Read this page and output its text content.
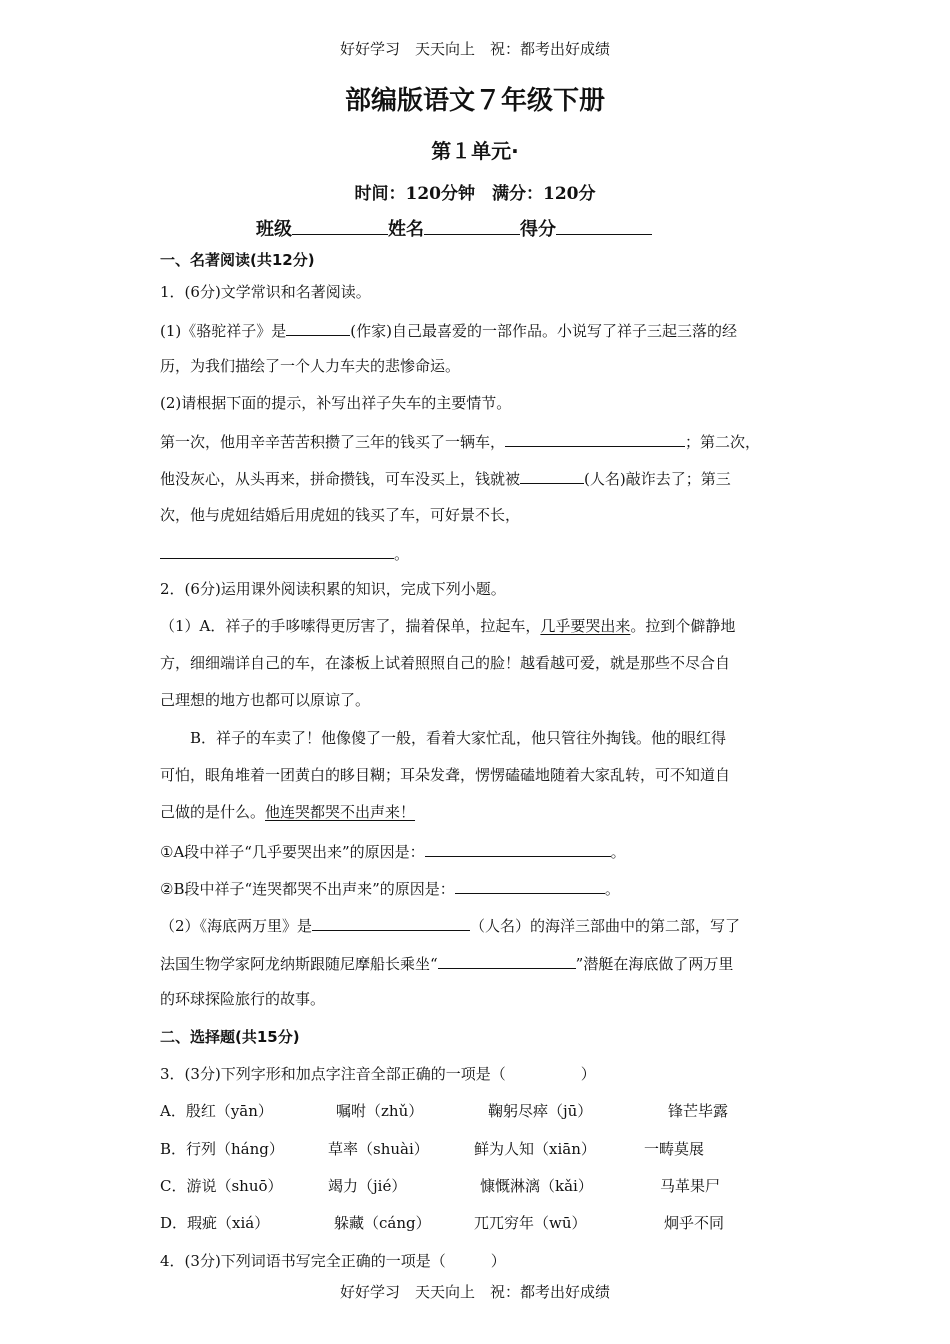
好好学习　天天向上　祝：都考出好成绩
部编版语文７年级下册
第１单元·
时间：120分钟　满分：120分
班级	姓名	得分
一、名著阅读(共12分)
1．(6分)文学常识和名著阅读。
(1)《骆驼祥子》是	(作家)自己最喜爱的一部作品。小说写了祥子三起三落的经
历，为我们描绘了一个人力车夫的悲惨命运。
(2)请根据下面的提示，补写出祥子失车的主要情节。
第一次，他用辛辛苦苦积攒了三年的钱买了一辆车，	；第二次，
他没灰心，从头再来，拼命攒钱，可车没买上，钱就被	(人名)敲诈去了；第三
次，他与虎妞结婚后用虎妞的钱买了车，可好景不长，
。
2．(6分)运用课外阅读积累的知识，完成下列小题。
（1）A．祥子的手哆嗦得更厉害了，揣着保单，拉起车，几乎要哭出来。拉到个僻静地
方，细细端详自己的车，在漆板上试着照照自己的脸！越看越可爱，就是那些不尽合自
己理想的地方也都可以原谅了。
B．祥子的车卖了！他像傻了一般，看着大家忙乱，他只管往外掏钱。他的眼红得
可怕，眼角堆着一团黄白的眵目糊；耳朵发聋，愣愣磕磕地随着大家乱转，可不知道自
己做的是什么。他连哭都哭不出声来！
①A段中祥子“几乎要哭出来”的原因是：	。
②B段中祥子“连哭都哭不出声来”的原因是：	。
（2）《海底两万里》是	（人名）的海洋三部曲中的第二部，写了
法国生物学家阿龙纳斯跟随尼摩船长乘坐“	”潜艇在海底做了两万里
的环球探险旅行的故事。
二、选择题(共15分)
3．(3分)下列字形和加点字注音全部正确的一项是（　　　　　）
A．殷红（yān）	嘱咐（zhǔ）	鞠躬尽瘁（jū）	锋芒毕露
B．行列（háng）	草率（shuài）	鲜为人知（xiān）	一畴莫展
C．游说（shuō）	竭力（jié）	慷慨淋漓（kǎi）	马革果尸
D．瑕疵（xiá）	躲藏（cáng）	兀兀穷年（wū）	炯乎不同
4．(3分)下列词语书写完全正确的一项是（　　　）
好好学习　天天向上　祝：都考出好成绩
